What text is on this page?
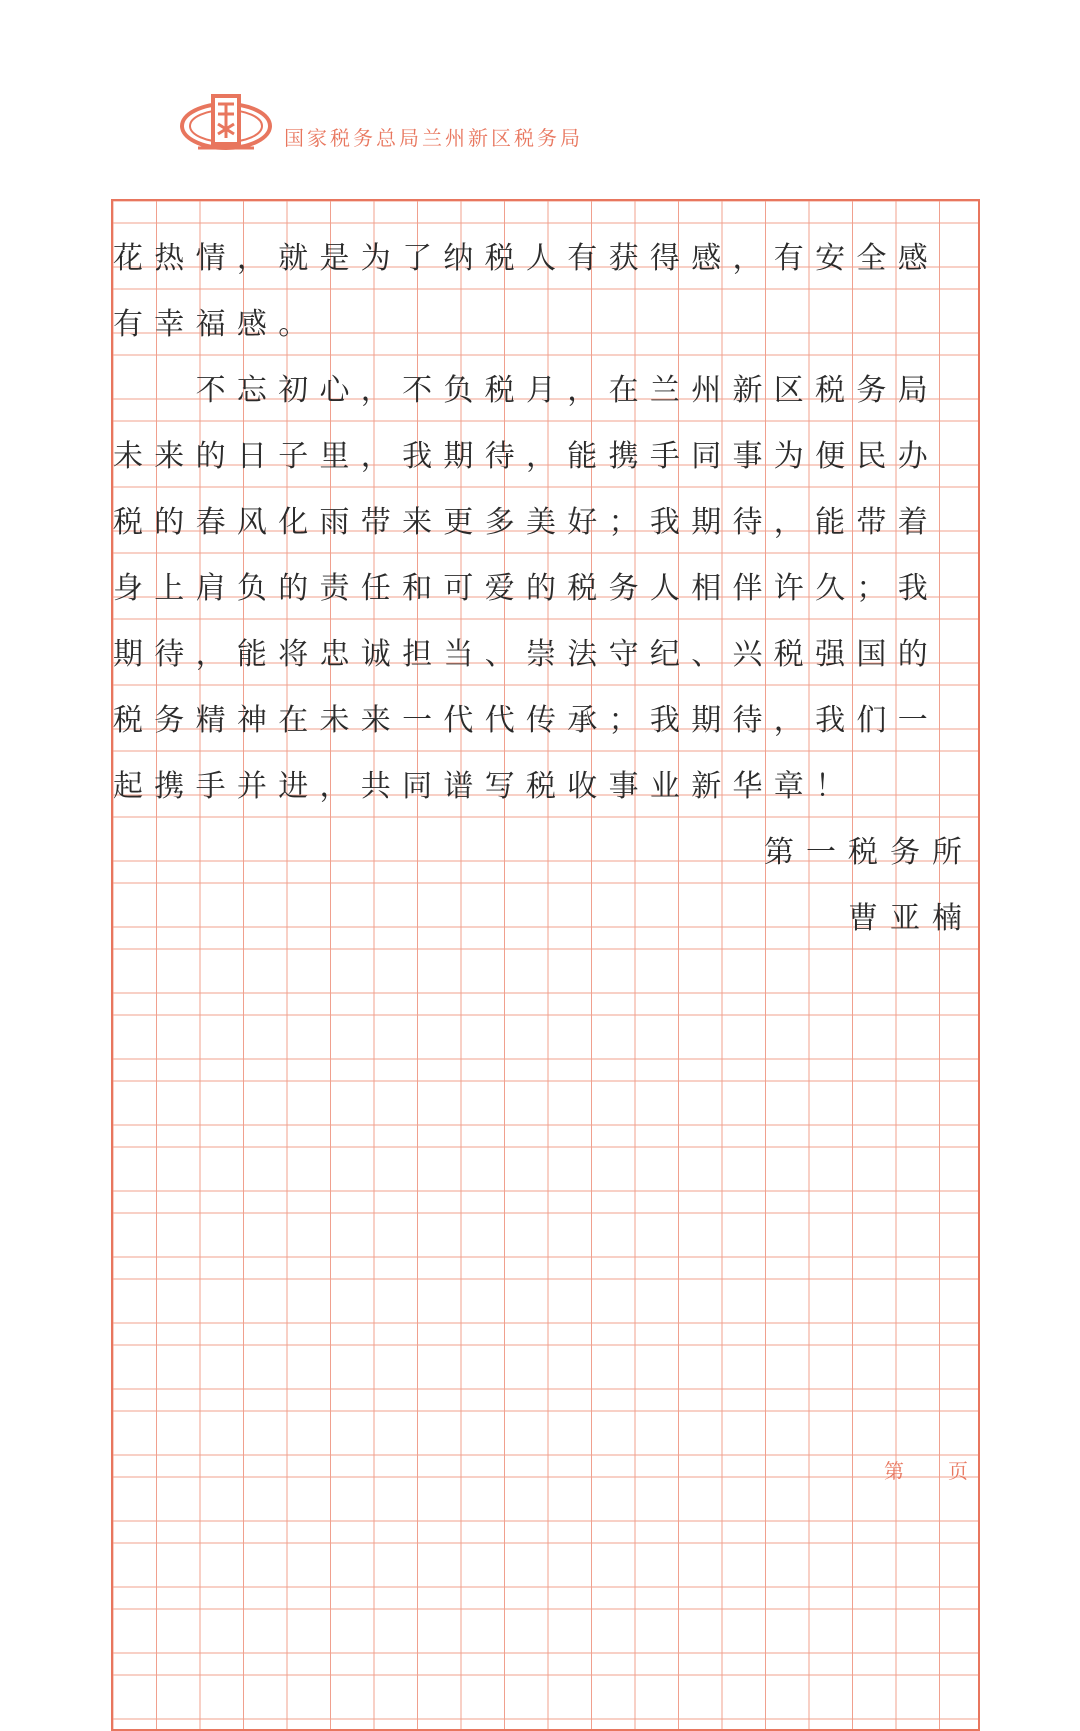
国家税务总局兰州新区税务局
花热情，就是为了纳税人有获得感，有安全感
有幸福感。
　　不忘初心，不负税月，在兰州新区税务局
未来的日子里，我期待，能携手同事为便民办
税的春风化雨带来更多美好；我期待，能带着
身上肩负的责任和可爱的税务人相伴许久；我
期待，能将忠诚担当、崇法守纪、兴税强国的
税务精神在未来一代代传承；我期待，我们一
起携手并进，共同谱写税收事业新华章！
第一税务所
曹亚楠
第 页
